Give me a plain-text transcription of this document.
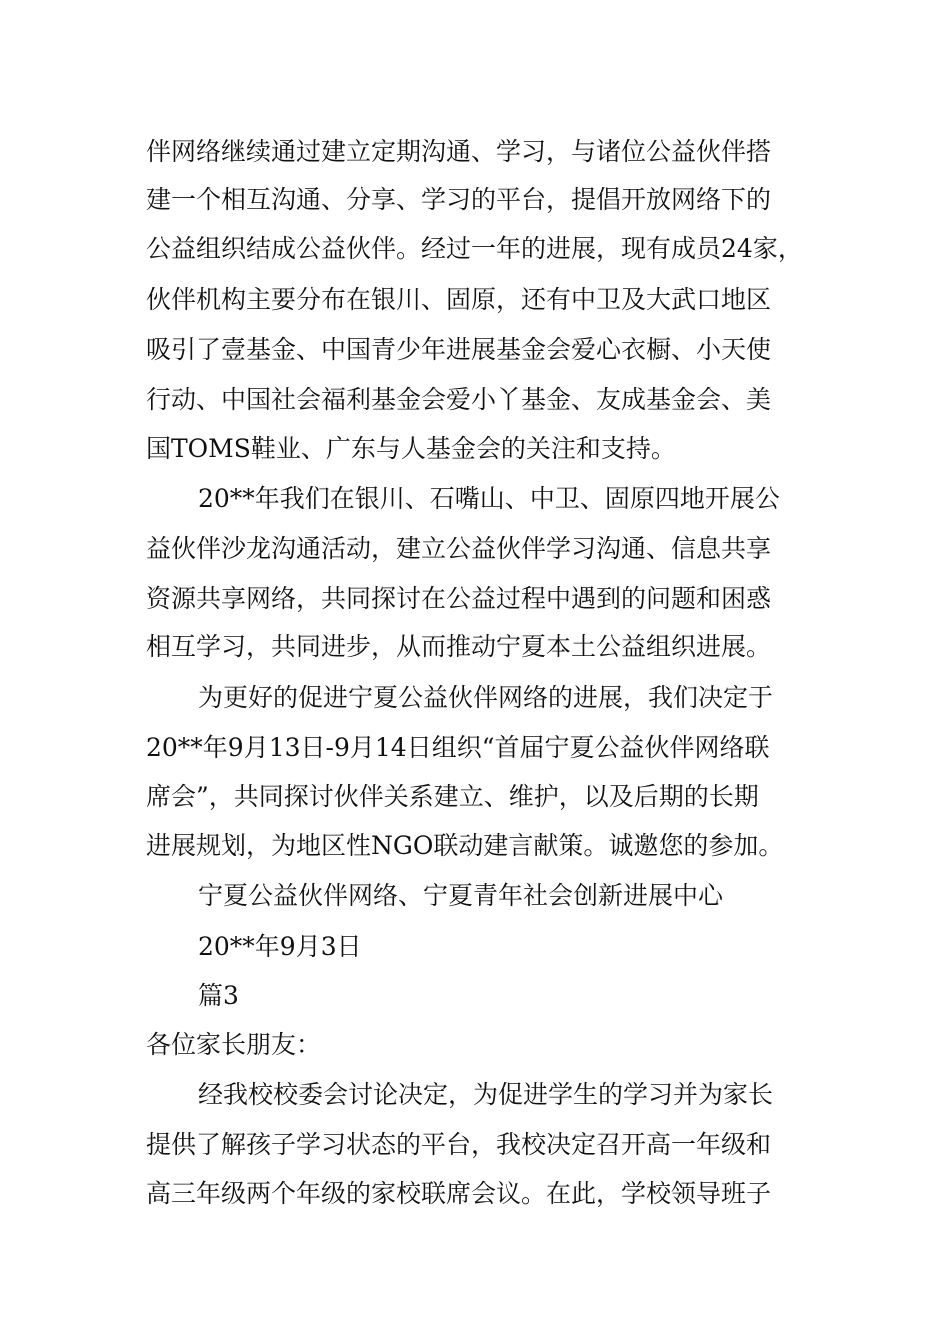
伴网络继续通过建立定期沟通、学习，与诸位公益伙伴搭
建一个相互沟通、分享、学习的平台，提倡开放网络下的
公益组织结成公益伙伴。经过一年的进展，现有成员24家，
伙伴机构主要分布在银川、固原，还有中卫及大武口地区
吸引了壹基金、中国青少年进展基金会爱心衣橱、小天使
行动、中国社会福利基金会爱小丫基金、友成基金会、美
国TOMS鞋业、广东与人基金会的关注和支持。
20**年我们在银川、石嘴山、中卫、固原四地开展公
益伙伴沙龙沟通活动，建立公益伙伴学习沟通、信息共享
资源共享网络，共同探讨在公益过程中遇到的问题和困惑
相互学习，共同进步，从而推动宁夏本土公益组织进展。
为更好的促进宁夏公益伙伴网络的进展，我们决定于
20**年9月13日-9月14日组织“首届宁夏公益伙伴网络联
席会”，共同探讨伙伴关系建立、维护，以及后期的长期
进展规划，为地区性NGO联动建言献策。诚邀您的参加。
宁夏公益伙伴网络、宁夏青年社会创新进展中心
20**年9月3日
篇3
各位家长朋友：
经我校校委会讨论决定，为促进学生的学习并为家长
提供了解孩子学习状态的平台，我校决定召开高一年级和
高三年级两个年级的家校联席会议。在此，学校领导班子
